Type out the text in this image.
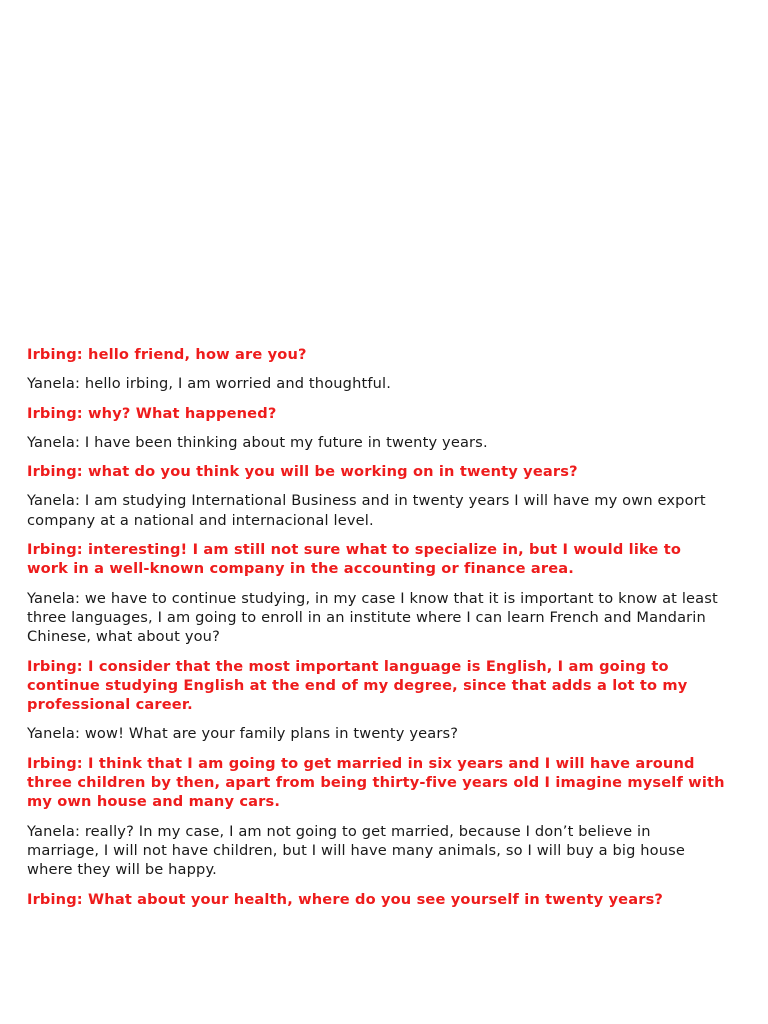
Irbing: hello friend, how are you?

Yanela: hello irbing, I am worried and thoughtful.

Irbing: why? What happened?

Yanela: I have been thinking about my future in twenty years.

Irbing: what do you think you will be working on in twenty years?

Yanela: I am studying International Business and in twenty years I will have my own export company at a national and internacional level.

Irbing: interesting! I am still not sure what to specialize in, but I would like to work in a well-known company in the accounting or finance area.

Yanela: we have to continue studying, in my case I know that it is important to know at least three languages, I am going to enroll in an institute where I can learn French and Mandarin Chinese, what about you?

Irbing: I consider that the most important language is English, I am going to continue studying English at the end of my degree, since that adds a lot to my professional career.

Yanela: wow! What are your family plans in twenty years?

Irbing: I think that I am going to get married in six years and I will have around three children by then, apart from being thirty-five years old I imagine myself with my own house and many cars.

Yanela: really? In my case, I am not going to get married, because I don’t believe in marriage, I will not have children, but I will have many animals, so I will buy a big house where they will be happy.

Irbing: What about your health, where do you see yourself in twenty years?
